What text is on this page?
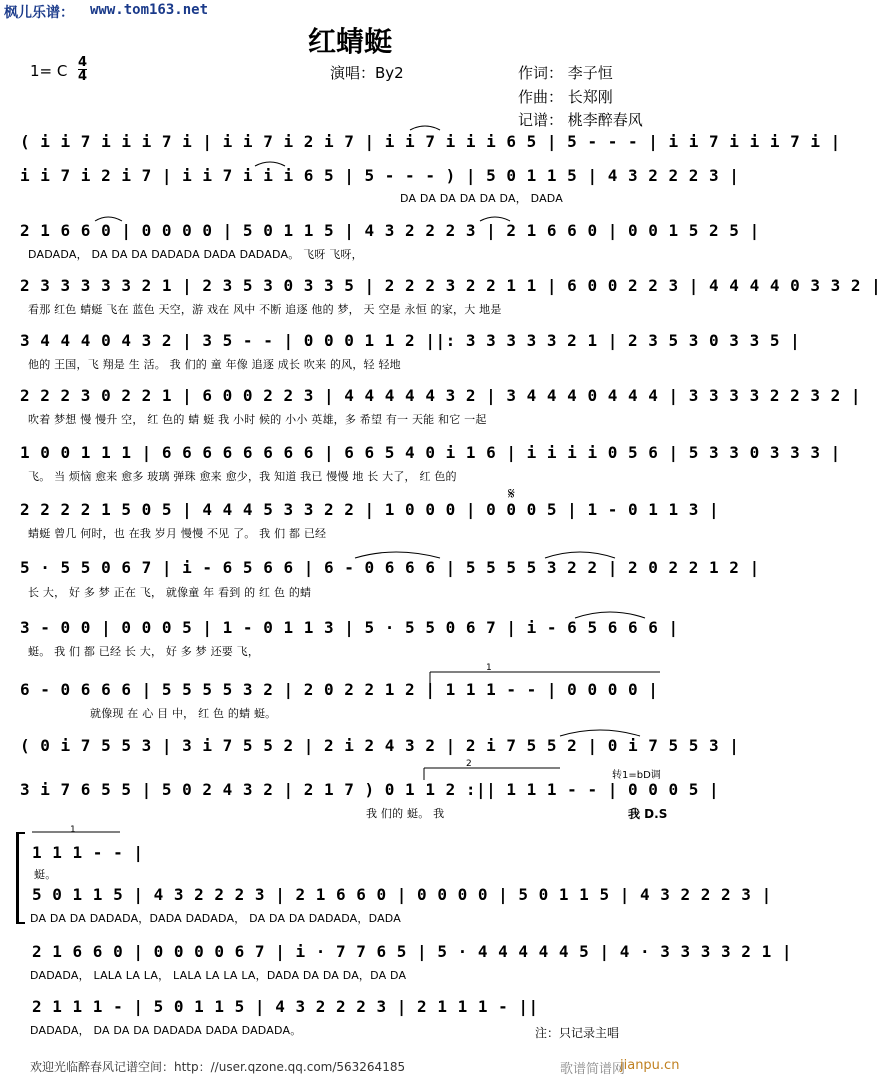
枫儿乐谱： www.tom163.net
红蜻蜓
1= C 4
4	演唱：By2	作词： 李子恒
作曲： 长郑刚
记谱： 桃李醉春风
( i i 7 i i i 7 i | i i 7 i 2 i 7 | i i 7 i i i 6 5 | 5 - - - | i i 7 i i i 7 i |
i i 7 i 2 i 7 | i i 7 i i i 6 5 | 5 - - - ) | 5 0 1 1 5 | 4 3 2 2 2 3 |
DA DA DA DA DA DA， DADA
2 1 6 6 0 | 0 0 0 0 | 5 0 1 1 5 | 4 3 2 2 2 3 | 2 1 6 6 0 | 0 0 1 5 2 5 |
DADADA， DA DA DA DADADA DADA DADADA。 飞呀 飞呀，
2 3 3 3 3 3 2 1 | 2 3 5 3 0 3 3 5 | 2 2 2 3 2 2 1 1 | 6 0 0 2 2 3 | 4 4 4 4 0 3 3 2 |
看那 红色 蜻蜓 飞在 蓝色 天空，游 戏在 风中 不断 追逐 他的 梦， 天 空是 永恒 的家，大 地是
3 4 4 4 0 4 3 2 | 3 5 - - | 0 0 0 1 1 2 ||: 3 3 3 3 3 2 1 | 2 3 5 3 0 3 3 5 |
他的 王国，飞 翔是 生 活。 我 们的 童 年像 追逐 成长 吹来 的风，轻 轻地
2 2 2 3 0 2 2 1 | 6 0 0 2 2 3 | 4 4 4 4 4 3 2 | 3 4 4 4 0 4 4 4 | 3 3 3 3 2 2 3 2 |
吹着 梦想 慢 慢升 空， 红 色的 蜻 蜓 我 小时 候的 小小 英雄，多 希望 有一 天能 和它 一起
1 0 0 1 1 1 | 6 6 6 6 6 6 6 6 | 6 6 5 4 0 i 1 6 | i i i i 0 5 6 | 5 3 3 0 3 3 3 |
飞。 当 烦恼 愈来 愈多 玻璃 弹珠 愈来 愈少，我 知道 我已 慢慢 地 长 大了， 红 色的
2 2 2 2 1 5 0 5 | 4 4 4 5 3 3 2 2 | 1 0 0 0 | 0 0 0 5 | 1 - 0 1 1 3 |
蜻蜓 曾几 何时，也 在我 岁月 慢慢 不见 了。 我 们 都 已经
5 · 5 5 0 6 7 | i - 6 5 6 6 | 6 - 0 6 6 6 | 5 5 5 5 3 2 2 | 2 0 2 2 1 2 |
长 大， 好 多 梦 正在 飞， 就像童 年 看到 的 红 色 的蜻
3 - 0 0 | 0 0 0 5 | 1 - 0 1 1 3 | 5 · 5 5 0 6 7 | i - 6 5 6 6 6 |
蜓。 我 们 都 已经 长 大， 好 多 梦 还要 飞，
6 - 0 6 6 6 | 5 5 5 5 3 2 | 2 0 2 2 1 2 | 1 1 1 - - | 0 0 0 0 |
就像现 在 心 目 中， 红 色 的蜻 蜓。
( 0 i 7 5 5 3 | 3 i 7 5 5 2 | 2 i 2 4 3 2 | 2 i 7 5 5 2 | 0 i 7 5 5 3 |
3 i 7 6 5 5 | 5 0 2 4 3 2 | 2 1 7 ) 0 1 1 2 :|| 1 1 1 - - | 0 0 0 5 |
我 们的 蜓。 我
1 1 1 - - |
蜓。
5 0 1 1 5 | 4 3 2 2 2 3 | 2 1 6 6 0 | 0 0 0 0 | 5 0 1 1 5 | 4 3 2 2 2 3 |
DA DA DA DADADA，DADA DADADA， DA DA DA DADADA，DADA
2 1 6 6 0 | 0 0 0 0 6 7 | i · 7 7 6 5 | 5 · 4 4 4 4 4 5 | 4 · 3 3 3 3 2 1 |
DADADA， LALA LA LA， LALA LA LA LA，DADA DA DA DA，DA DA
2 1 1 1 - | 5 0 1 1 5 | 4 3 2 2 2 3 | 2 1 1 1 - ||
DADADA， DA DA DA DADADA DADA DADADA。
1
2
1
𝄋
转1=bD调
我 D.S
注：只记录主唱
欢迎光临醉春风记谱空间：http：//user.qzone.qq.com/563264185	歌谱简谱网
jianpu.cn
